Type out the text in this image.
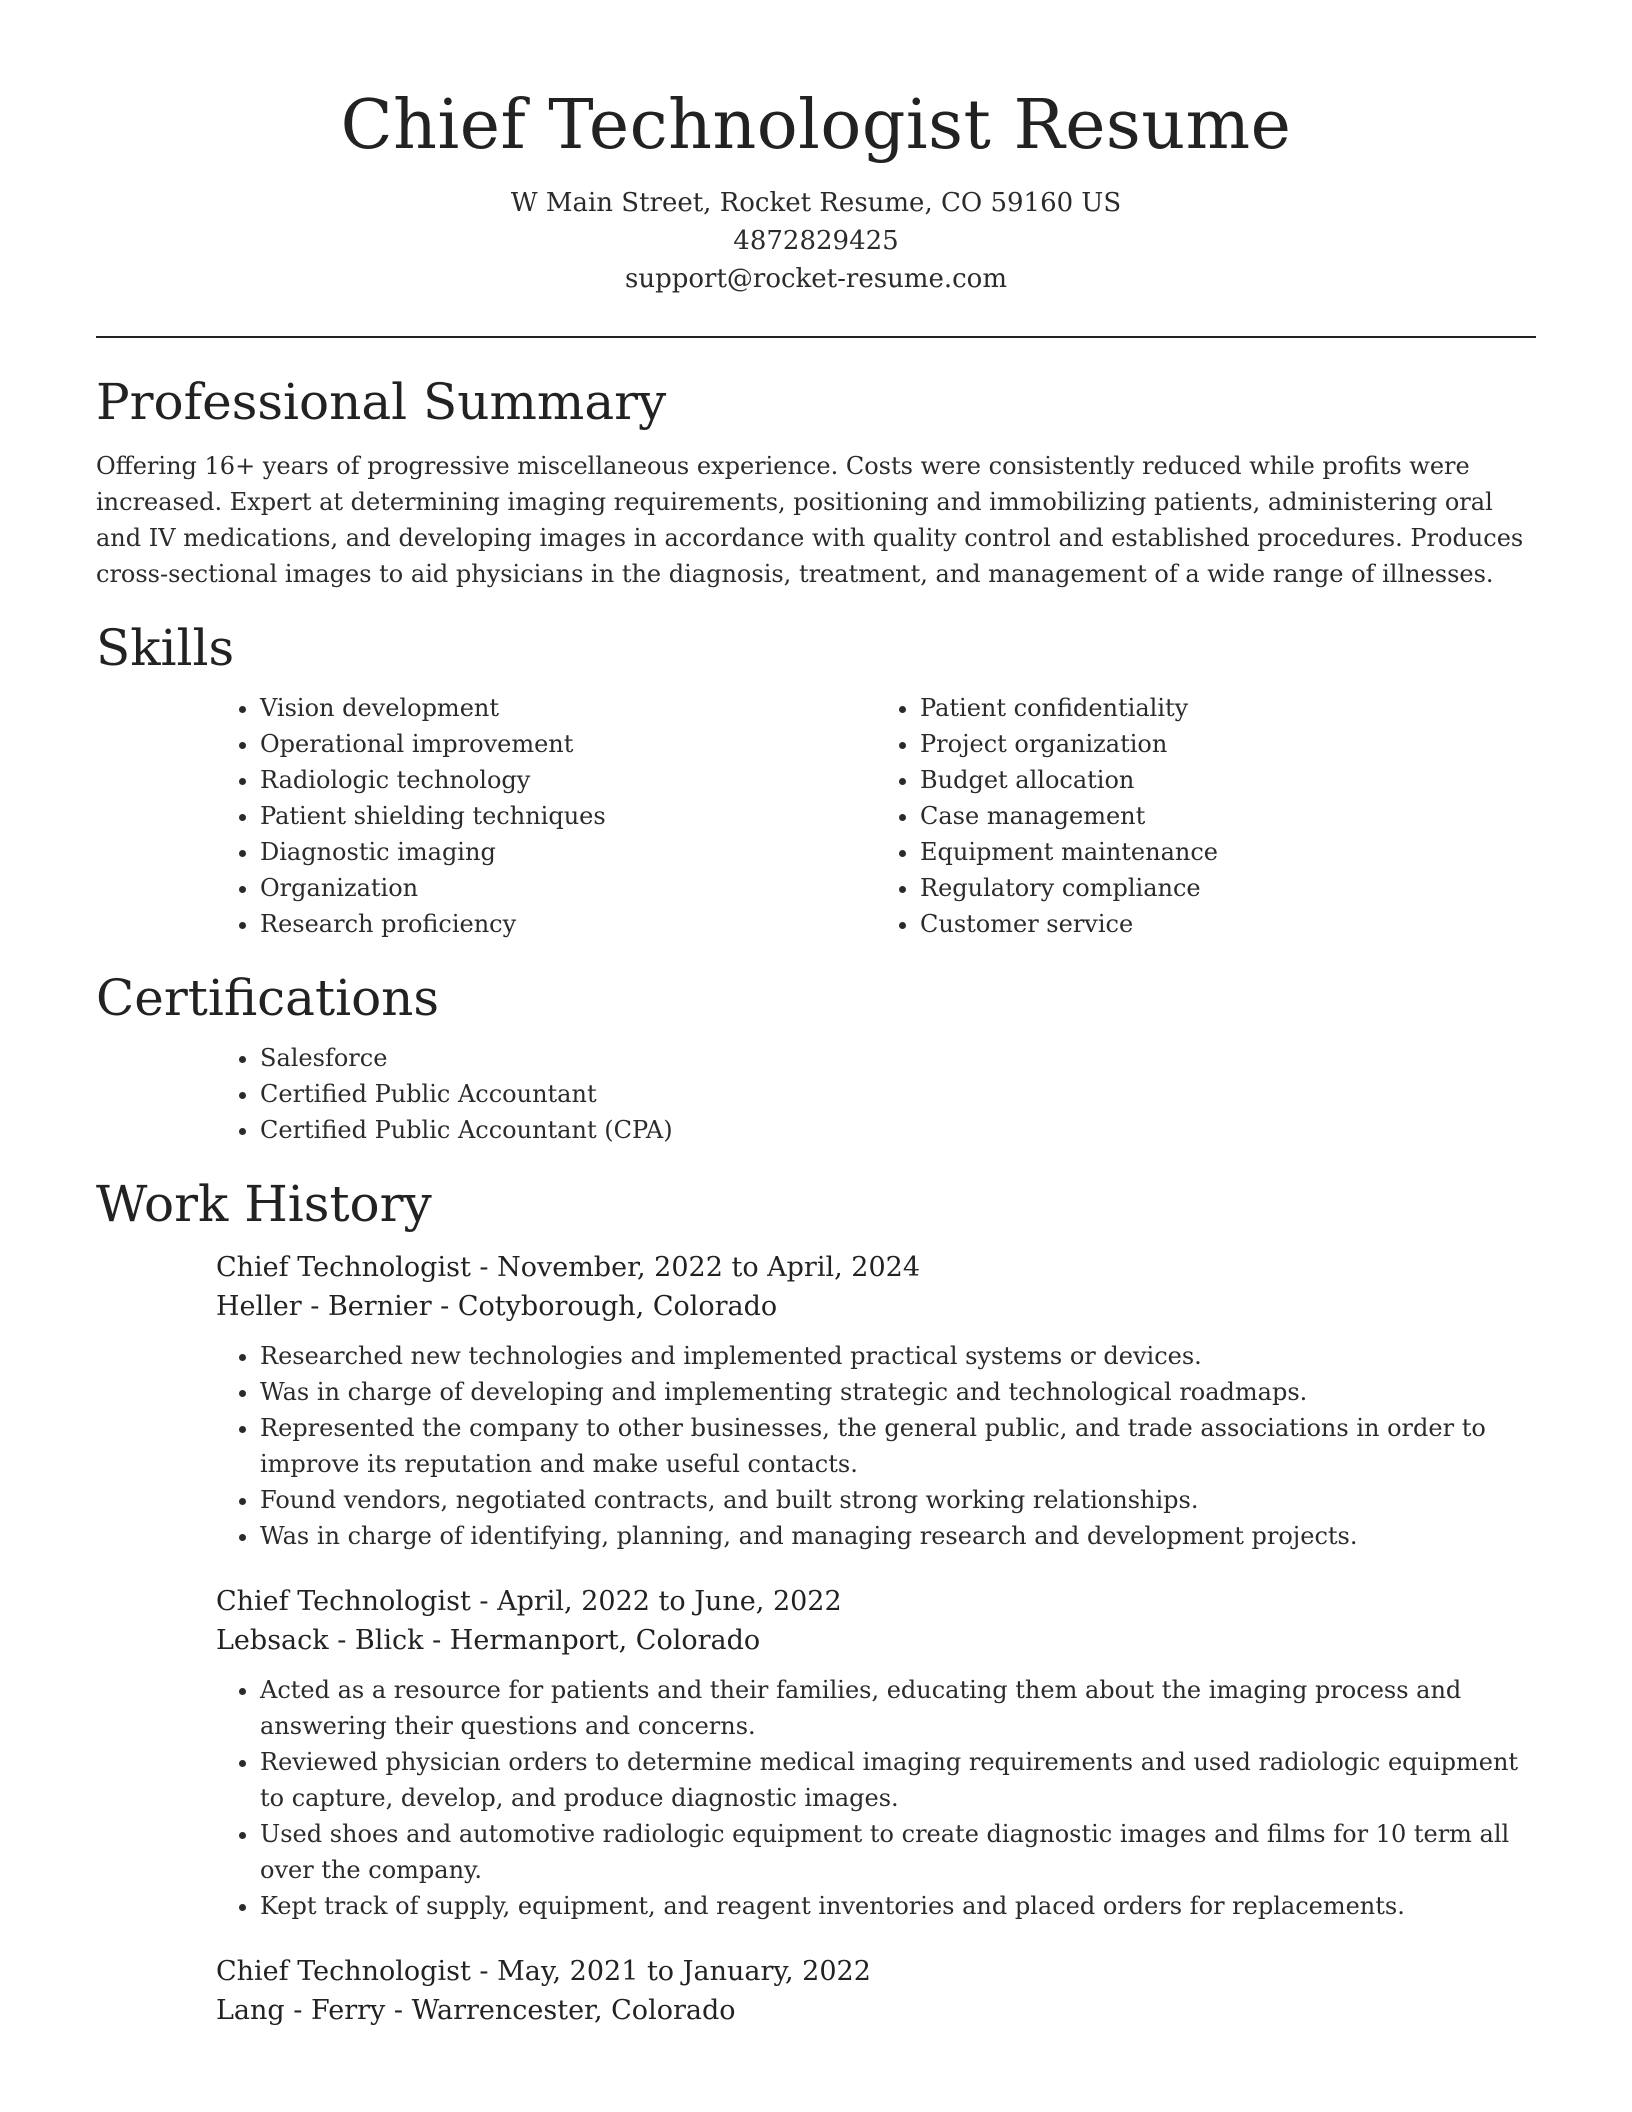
Chief Technologist Resume
W Main Street, Rocket Resume, CO 59160 US
4872829425
support@rocket-resume.com
Professional Summary

Offering 16+ years of progressive miscellaneous experience. Costs were consistently reduced while profits were increased. Expert at determining imaging requirements, positioning and immobilizing patients, administering oral and IV medications, and developing images in accordance with quality control and established procedures. Produces cross-sectional images to aid physicians in the diagnosis, treatment, and management of a wide range of illnesses.

Skills
• Vision development
• Operational improvement
• Radiologic technology
• Patient shielding techniques
• Diagnostic imaging
• Organization
• Research proficiency
• Patient confidentiality
• Project organization
• Budget allocation
• Case management
• Equipment maintenance
• Regulatory compliance
• Customer service
Certifications
• Salesforce
• Certified Public Accountant
• Certified Public Accountant (CPA)
Work History
Chief Technologist - November, 2022 to April, 2024
Heller - Bernier - Cotyborough, Colorado
• Researched new technologies and implemented practical systems or devices.
• Was in charge of developing and implementing strategic and technological roadmaps.
• Represented the company to other businesses, the general public, and trade associations in order to improve its reputation and make useful contacts.
• Found vendors, negotiated contracts, and built strong working relationships.
• Was in charge of identifying, planning, and managing research and development projects.
Chief Technologist - April, 2022 to June, 2022
Lebsack - Blick - Hermanport, Colorado
• Acted as a resource for patients and their families, educating them about the imaging process and answering their questions and concerns.
• Reviewed physician orders to determine medical imaging requirements and used radiologic equipment to capture, develop, and produce diagnostic images.
• Used shoes and automotive radiologic equipment to create diagnostic images and films for 10 term all over the company.
• Kept track of supply, equipment, and reagent inventories and placed orders for replacements.
Chief Technologist - May, 2021 to January, 2022
Lang - Ferry - Warrencester, Colorado
